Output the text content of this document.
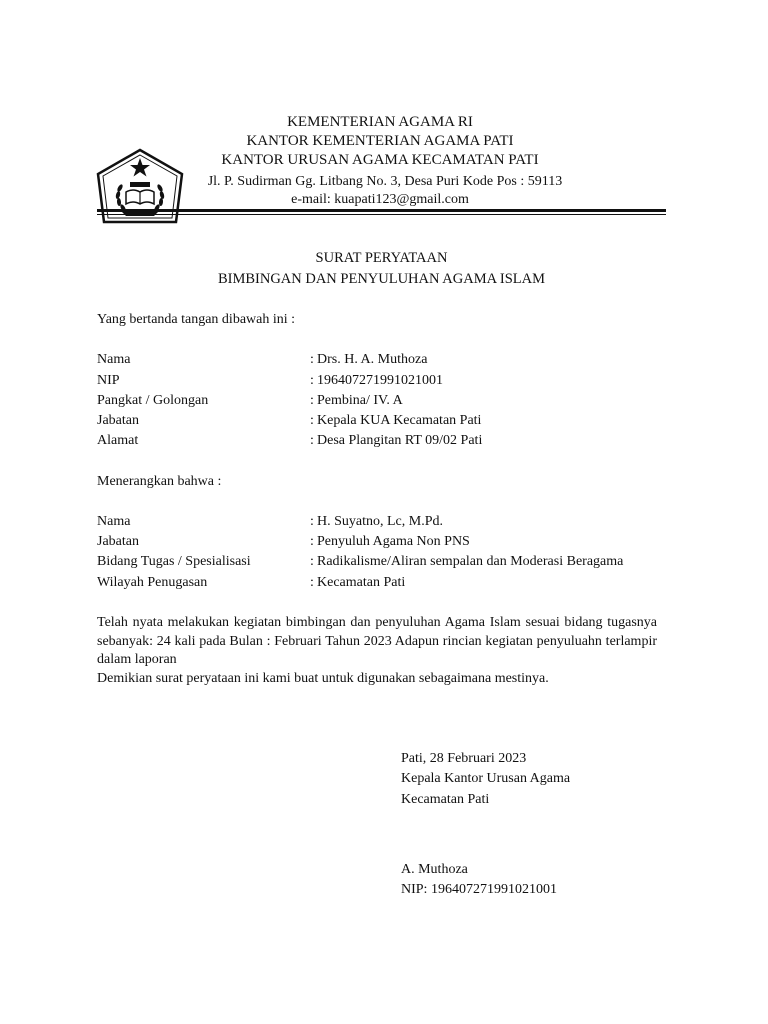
KEMENTERIAN AGAMA RI
KANTOR KEMENTERIAN AGAMA PATI
KANTOR URUSAN AGAMA KECAMATAN PATI
Jl. P. Sudirman Gg. Litbang No. 3, Desa Puri Kode Pos : 59113
e-mail: kuapati123@gmail.com
SURAT PERYATAAN
BIMBINGAN DAN PENYULUHAN AGAMA ISLAM
Yang bertanda tangan dibawah ini :
Nama	: Drs. H. A. Muthoza
NIP	: 196407271991021001
Pangkat / Golongan	: Pembina/ IV. A
Jabatan	: Kepala KUA Kecamatan Pati
Alamat	: Desa Plangitan RT 09/02 Pati
Menerangkan bahwa :
Nama	: H. Suyatno, Lc, M.Pd.
Jabatan	: Penyuluh Agama Non PNS
Bidang Tugas / Spesialisasi	: Radikalisme/Aliran sempalan dan Moderasi Beragama
Wilayah Penugasan	: Kecamatan Pati
Telah nyata melakukan kegiatan bimbingan dan penyuluhan Agama Islam sesuai bidang tugasnya sebanyak: 24 kali pada Bulan : Februari Tahun 2023 Adapun rincian kegiatan penyuluahn terlampir dalam laporan
Demikian surat peryataan ini kami buat untuk digunakan sebagaimana mestinya.
Pati, 28 Februari 2023
Kepala Kantor Urusan Agama
Kecamatan Pati
A. Muthoza
NIP: 196407271991021001
